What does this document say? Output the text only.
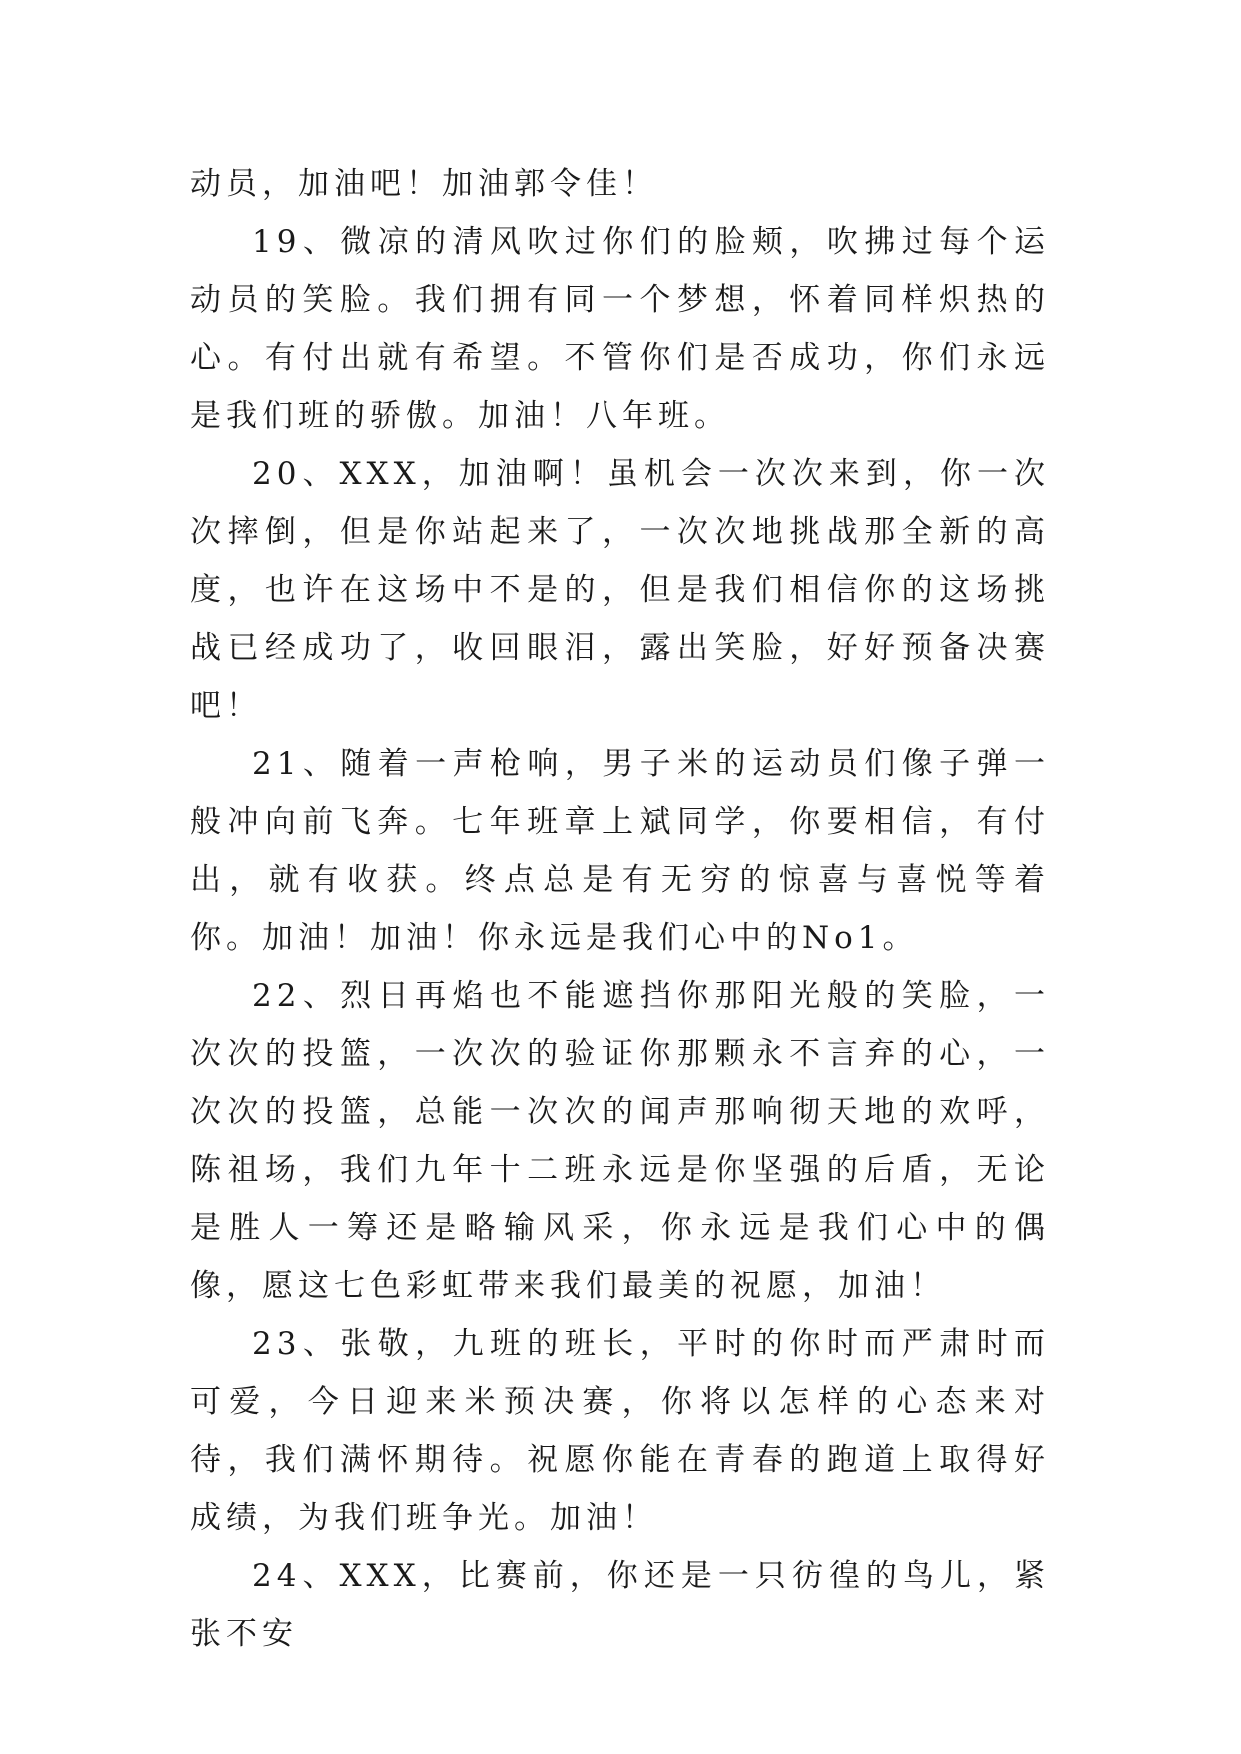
动员，加油吧！加油郭令佳！

19、微凉的清风吹过你们的脸颊，吹拂过每个运动员的笑脸。我们拥有同一个梦想，怀着同样炽热的心。有付出就有希望。不管你们是否成功，你们永远是我们班的骄傲。加油！八年班。

20、XXX，加油啊！虽机会一次次来到，你一次次摔倒，但是你站起来了，一次次地挑战那全新的高度，也许在这场中不是的，但是我们相信你的这场挑战已经成功了，收回眼泪，露出笑脸，好好预备决赛吧！

21、随着一声枪响，男子米的运动员们像子弹一般冲向前飞奔。七年班章上斌同学，你要相信，有付出，就有收获。终点总是有无穷的惊喜与喜悦等着你。加油！加油！你永远是我们心中的No1。

22、烈日再焰也不能遮挡你那阳光般的笑脸，一次次的投篮，一次次的验证你那颗永不言弃的心，一次次的投篮，总能一次次的闻声那响彻天地的欢呼，陈祖场，我们九年十二班永远是你坚强的后盾，无论是胜人一筹还是略输风采，你永远是我们心中的偶像，愿这七色彩虹带来我们最美的祝愿，加油！

23、张敬，九班的班长，平时的你时而严肃时而可爱，今日迎来米预决赛，你将以怎样的心态来对待，我们满怀期待。祝愿你能在青春的跑道上取得好成绩，为我们班争光。加油！

24、XXX，比赛前，你还是一只彷徨的鸟儿，紧张不安
